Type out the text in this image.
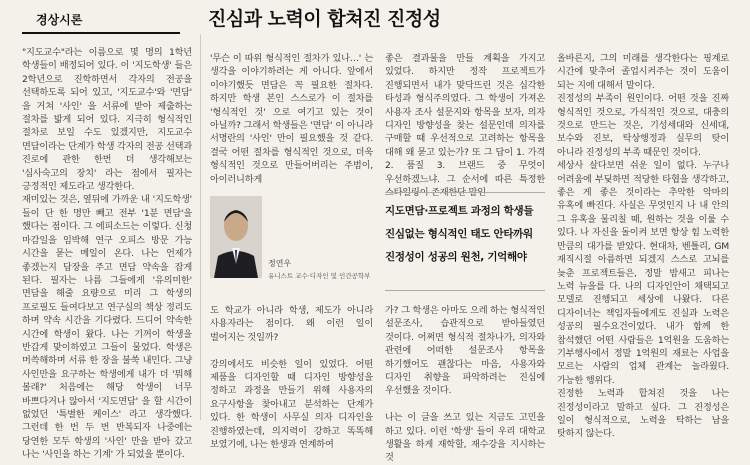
경상시론	진심과 노력이 합쳐진 진정성

"지도교수"라는 이름으로 몇 명의 1학년 학생들이 배정되어 있다. 이 '지도학생' 들은 2학년으로 진학하면서 각자의 전공을 선택하도록 되어 있고, '지도교수'와 '면담' 을 거쳐 '사인' 을 서류에 받아 제출하는 절차를 밟게 되어 있다. 지극히 형식적인 절차로 보일 수도 있겠지만, 지도교수 면담이라는 단계가 학생 각자의 전공 선택과 진로에 관한 한번 더 생각해보는 '심사숙고의 장치' 라는 점에서 필자는 긍정적인 제도라고 생각한다.

재미있는 것은, 옆뒤에 가까운 내 '지도학생' 들이 단 한 명만 빼고 전부 '1분 면담'을 했다는 점이다. 그 에피소드는 이렇다. 신청 마감일을 임박해 연구 오피스 방문 가능 시간을 묻는 메일이 온다. 나는 언제가 좋겠는지 답장을 주고 면담 약속을 잡게 된다. 필자는 나름 그들에게 '유의미한' 면담을 해줄 요량으로 미리 그 학생의 프로필도 들여다보고 연구실의 책상 정리도 하며 약속 시간을 기다렸다. 드디어 약속한 시간에 학생이 왔다. 나는 기꺼이 학생을 반갑게 맞이하였고 그들이 물었다. 학생은 머쓱해하며 서류 한 장을 불쑥 내민다. 그냥 사인만을 요구하는 학생에게 내가 더 '뭐해 볼래?' 처음에는 해당 학생이 너무 바쁘다거나 않아서 '지도면담' 을 할 시간이 없었던 '특별한 케이스' 라고 생각했다. 그런데 한 번 두 번 반복되자 나중에는 당연한 모두 학생의 '사인' 만을 받아 갔고 나는 '사인을 하는 기계' 가 되었을 뿐이다.

'무슨 이 따위 형식적인 절차가 있나…' 는 생각을 이야기하려는 게 아니다. 앞에서 이야기했듯 면담은 꼭 필요한 절차다. 하지만 학생 본인 스스로가 이 절차를 '형식적인 것' 으로 여기고 있는 것이 아닐까? 그래서 학생들은 '면담' 이 아니라 서명란의 '사인' 만이 필요했을 것 같다. 결국 어떤 절차를 형식적인 것으로, 더욱 형식적인 것으로 만들어버리는 주범이, 아이러니하게

정연우
유니스트 교수·디자인 및 인간공학부

도 학교가 아니라 학생, 제도가 아니라 사용자라는 점이다. 왜 이런 일이 벌어지는 것일까?

강의에서도 비슷한 일이 있었다. 어떤 제품을 디자인할 때 디자인 방향성을 정하고 과정을 만들기 위해 사용자의 요구사항을 찾아내고 분석하는 단계가 있다. 한 학생이 사무실 의자 디자인을 진행하였는데, 의지력이 강하고 똑똑해 보였기에, 나는 한생과 연계하여

좋은 결과물을 만들 계획을 가지고 있었다. 하지만 정작 프로젝트가 진행되면서 내가 맞닥뜨린 것은 심각한 타성과 형식주의였다. 그 학생이 가져온 사용자 조사 설문지와 항목을 보자, 의자 디자인 방향성을 찾는 설문인데 의자를 구매할 때 우선적으로 고려하는 항목을 대해 왜 묻고 있는가? 또 그 답이 1. 가격 2. 품질 3. 브랜드 중 무엇이 우선하겠느냐. 그 순서에 따른 특정한

지도면담·프로젝트 과정의 학생들
진심없는 형식적인 태도 안타까워
진정성이 성공의 원천, 기억해야

가? 그 학생은 아마도 으레 하는 형식적인 설문조사, 습관적으로 받아들였던 것이다. 어쩌면 형식적 절차나가, 의자와 관련에 어떠한 설문조사 항목을 하기했어도 괜찮다는 마음, 사용자와 디자인 취향을 파악하려는 진심에 우선했을 것이다.

나는 이 글을 쓰고 있는 지금도 고민을 하고 있다. 이런 '학생' 들이 우리 대학교 생활을 하게 재학할, 재수강을 지시하는 것

올바른지, 그의 미래를 생각한다는 핑계로 시간에 맞추어 졸업시켜주는 것이 도움이 되는 지에 대해서 말이다.

진정성의 부족이 원인이다. 어떤 것을 진짜 형식적인 것으로, 가식적인 것으로, 대충의 것으로 만드는 것은, 기성세대와 신세대, 보수와 진보, 탁상행정과 실무의 탓이 아니라 진정성의 부족 때문인 것이다.

세상사 살다보면 쉬운 일이 없다. 누구나 어려움에 부딪하면 적당한 타협을 생각하고, 좋은 게 좋은 것이라는 추악한 악마의 유혹에 빠진다. 사실은 무엇인지 나 내 안의 그 유혹을 물리칠 때, 원하는 것을 이룰 수 있다. 나 자신을 돌이켜 보면 항상 힘 노력한 만큼의 대가를 받았다. 현대차, 벤틀리, GM 재직시절 아름하면 되겠지 스스로 고뇌를 늦춘 프로젝트들은, 정말 밤새고 피나는 노력 뉴을를 다. 나의 디자인안이 채택되고 모델로 진행되고 세상에 나왔다. 다른 디자이너는 책임자들에게도 진실과 노력은 성공의 필수요건이었다. 내가 함께 한 참석했던 어떤 사람들은 1억원을 도움하는 기부행사에서 정말 1억원의 재료는 사업을 모르는 사람의 업체 관계는 놀라웠다. 가능한 행위다.

진정한 노력과 합쳐진 것을 나는 진정성이라고 말하고 싶다. 그 진정성은 일이 형식적으로, 노력을 탁하는 남을 탓하지 않는다.
